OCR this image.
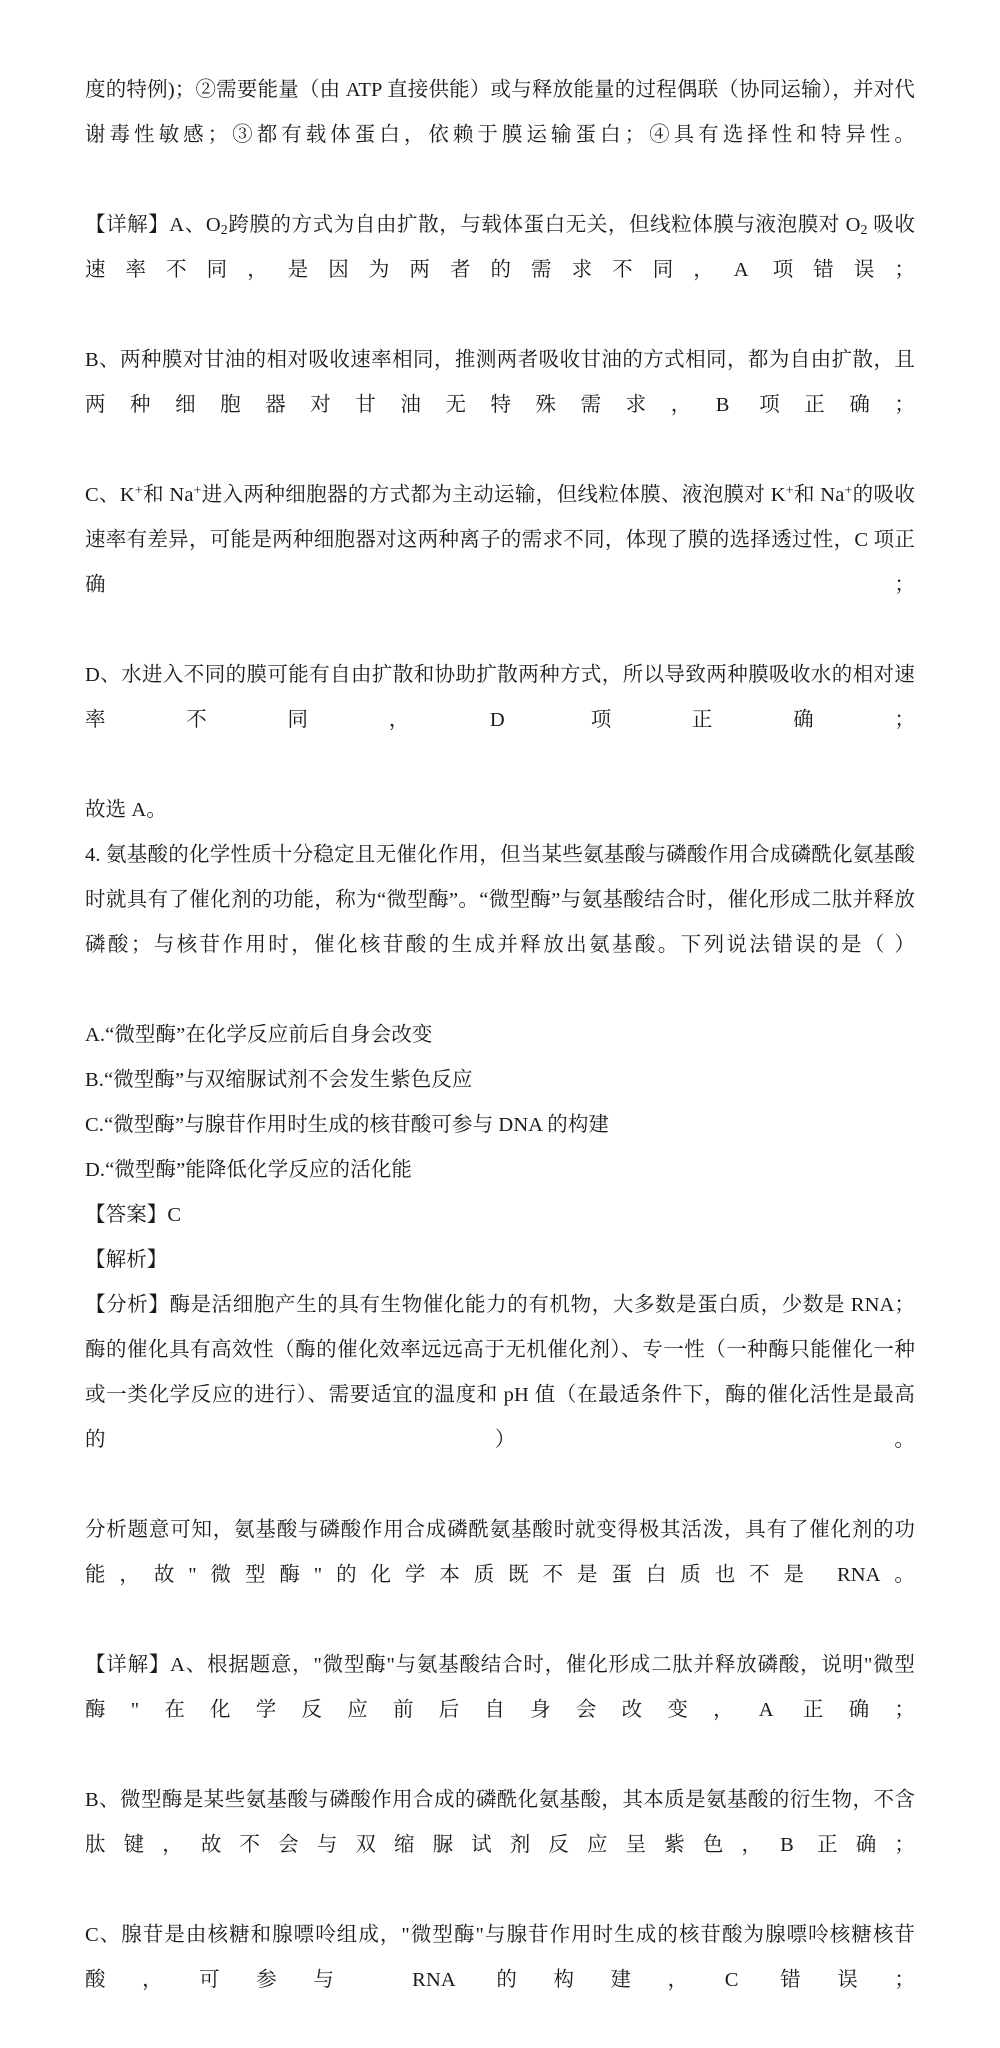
度的特例)；②需要能量（由 ATP 直接供能）或与释放能量的过程偶联（协同运输），并对代谢毒性敏感；③都有载体蛋白，依赖于膜运输蛋白；④具有选择性和特异性。

【详解】A、$O_2$跨膜的方式为自由扩散，与载体蛋白无关，但线粒体膜与液泡膜对 $O_2$ 吸收速率不同，是因为两者的需求不同，A 项错误；

B、两种膜对甘油的相对吸收速率相同，推测两者吸收甘油的方式相同，都为自由扩散，且两种细胞器对甘油无特殊需求，B 项正确；

C、K+和 Na+进入两种细胞器的方式都为主动运输，但线粒体膜、液泡膜对 K+和 Na+的吸收速率有差异，可能是两种细胞器对这两种离子的需求不同，体现了膜的选择透过性，C 项正确；

D、水进入不同的膜可能有自由扩散和协助扩散两种方式，所以导致两种膜吸收水的相对速率不同，D 项正确；

故选 A。

4. 氨基酸的化学性质十分稳定且无催化作用，但当某些氨基酸与磷酸作用合成磷酰化氨基酸时就具有了催化剂的功能，称为“微型酶”。“微型酶”与氨基酸结合时，催化形成二肽并释放磷酸；与核苷作用时，催化核苷酸的生成并释放出氨基酸。下列说法错误的是（ ）

A.“微型酶”在化学反应前后自身会改变

B.“微型酶”与双缩脲试剂不会发生紫色反应

C.“微型酶”与腺苷作用时生成的核苷酸可参与 DNA 的构建

D.“微型酶”能降低化学反应的活化能

【答案】C

【解析】

【分析】酶是活细胞产生的具有生物催化能力的有机物，大多数是蛋白质，少数是 RNA；酶的催化具有高效性（酶的催化效率远远高于无机催化剂）、专一性（一种酶只能催化一种或一类化学反应的进行）、需要适宜的温度和 pH 值（在最适条件下，酶的催化活性是最高的）。

分析题意可知，氨基酸与磷酸作用合成磷酰氨基酸时就变得极其活泼，具有了催化剂的功能，故"微型酶"的化学本质既不是蛋白质也不是 RNA。

【详解】A、根据题意，"微型酶"与氨基酸结合时，催化形成二肽并释放磷酸，说明"微型酶"在化学反应前后自身会改变，A 正确；

B、微型酶是某些氨基酸与磷酸作用合成的磷酰化氨基酸，其本质是氨基酸的衍生物，不含肽键，故不会与双缩脲试剂反应呈紫色，B 正确；

C、腺苷是由核糖和腺嘌呤组成，"微型酶"与腺苷作用时生成的核苷酸为腺嘌呤核糖核苷酸，可参与 RNA 的构建，C 错误；
